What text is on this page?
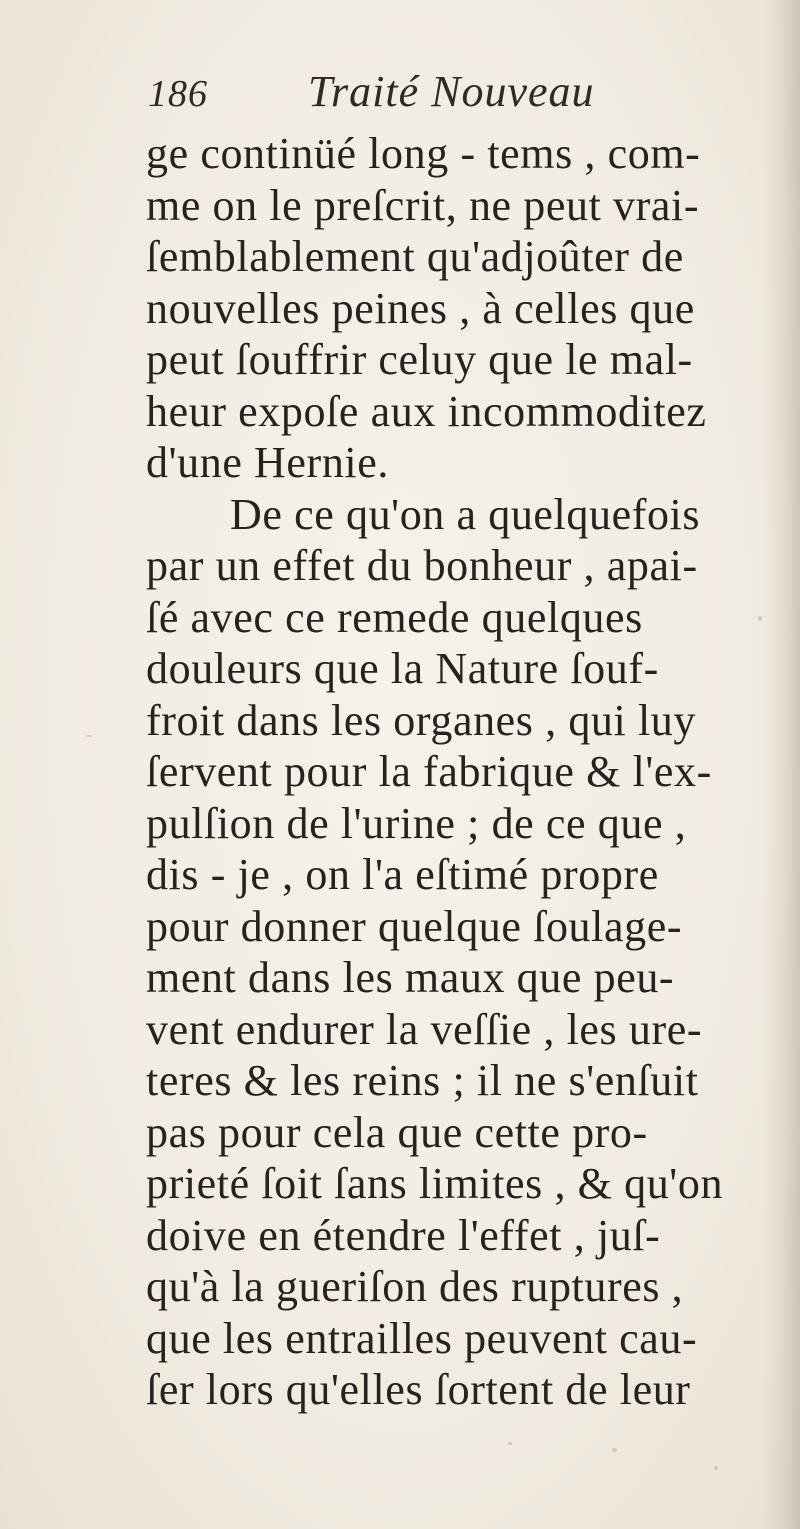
186 Traité Nouveau
ge continüé long - tems , com-
me on le preſcrit, ne peut vrai-
ſemblablement qu'adjoûter de
nouvelles peines , à celles que
peut ſouffrir celuy que le mal-
heur expoſe aux incommoditez
d'une Hernie.
De ce qu'on a quelquefois
par un effet du bonheur , apai-
ſé avec ce remede quelques
douleurs que la Nature ſouf-
froit dans les organes , qui luy
ſervent pour la fabrique & l'ex-
pulſion de l'urine ; de ce que ,
dis - je , on l'a eſtimé propre
pour donner quelque ſoulage-
ment dans les maux que peu-
vent endurer la veſſie , les ure-
teres & les reins ; il ne s'enſuit
pas pour cela que cette pro-
prieté ſoit ſans limites , & qu'on
doive en étendre l'effet , juſ-
qu'à la gueriſon des ruptures ,
que les entrailles peuvent cau-
ſer lors qu'elles ſortent de leur
